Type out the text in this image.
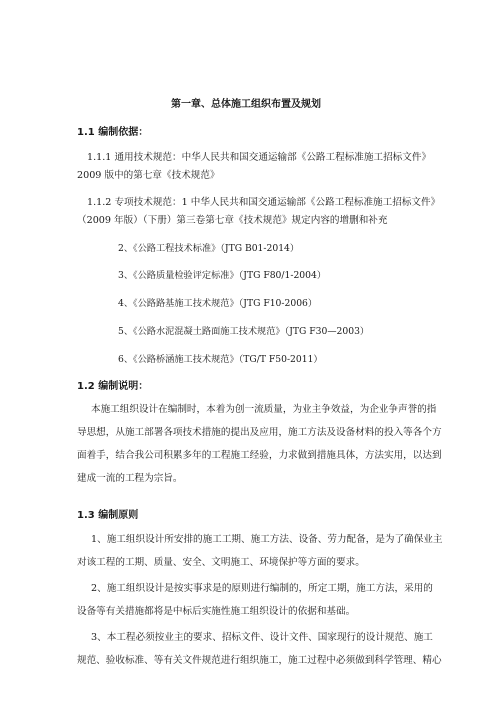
第一章、总体施工组织布置及规划
1.1 编制依据：
1.1.1 通用技术规范：中华人民共和国交通运输部《公路工程标准施工招标文件》
2009 版中的第七章《技术规范》
1.1.2 专项技术规范：1 中华人民共和国交通运输部《公路工程标准施工招标文件》
（2009 年版）（下册）第三卷第七章《技术规范》规定内容的增删和补充
2、《公路工程技术标准》（JTG B01-2014）
3、《公路质量检验评定标准》（JTG F80/1-2004）
4、《公路路基施工技术规范》（JTG F10-2006）
5、《公路水泥混凝土路面施工技术规范》（JTG F30—2003）
6、《公路桥涵施工技术规范》（TG/T F50-2011）
1.2 编制说明：
本施工组织设计在编制时，本着为创一流质量，为业主争效益，为企业争声誉的指
导思想，从施工部署各项技术措施的提出及应用，施工方法及设备材料的投入等各个方
面着手，结合我公司积累多年的工程施工经验，力求做到措施具体，方法实用，以达到
建成一流的工程为宗旨。
1.3 编制原则
1、施工组织设计所安排的施工工期、施工方法、设备、劳力配备，是为了确保业主
对该工程的工期、质量、安全、文明施工、环境保护等方面的要求。
2、施工组织设计是按实事求是的原则进行编制的，所定工期，施工方法，采用的
设备等有关措施都将是中标后实施性施工组织设计的依据和基础。
3、本工程必须按业主的要求、招标文件、设计文件、国家现行的设计规范、施工
规范、验收标准、等有关文件规范进行组织施工，施工过程中必须做到科学管理、精心
